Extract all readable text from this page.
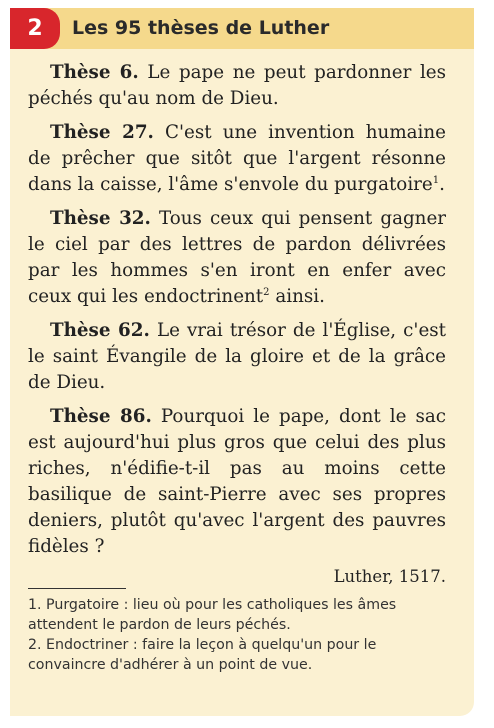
2	Les 95 thèses de Luther

Thèse 6. Le pape ne peut pardonner les péchés qu'au nom de Dieu.

Thèse 27. C'est une invention humaine de prêcher que sitôt que l'argent résonne dans la caisse, l'âme s'envole du purgatoire$^1$.

Thèse 32. Tous ceux qui pensent gagner le ciel par des lettres de pardon délivrées par les hommes s'en iront en enfer avec ceux qui les endoctrinent$^2$ ainsi.

Thèse 62. Le vrai trésor de l'Église, c'est le saint Évangile de la gloire et de la grâce de Dieu.

Thèse 86. Pourquoi le pape, dont le sac est aujourd'hui plus gros que celui des plus riches, n'édifie-t-il pas au moins cette basilique de saint-Pierre avec ses propres deniers, plutôt qu'avec l'argent des pauvres fidèles ?

Luther, 1517.

1. Purgatoire : lieu où pour les catholiques les âmes attendent le pardon de leurs péchés.

2. Endoctriner : faire la leçon à quelqu'un pour le convaincre d'adhérer à un point de vue.
